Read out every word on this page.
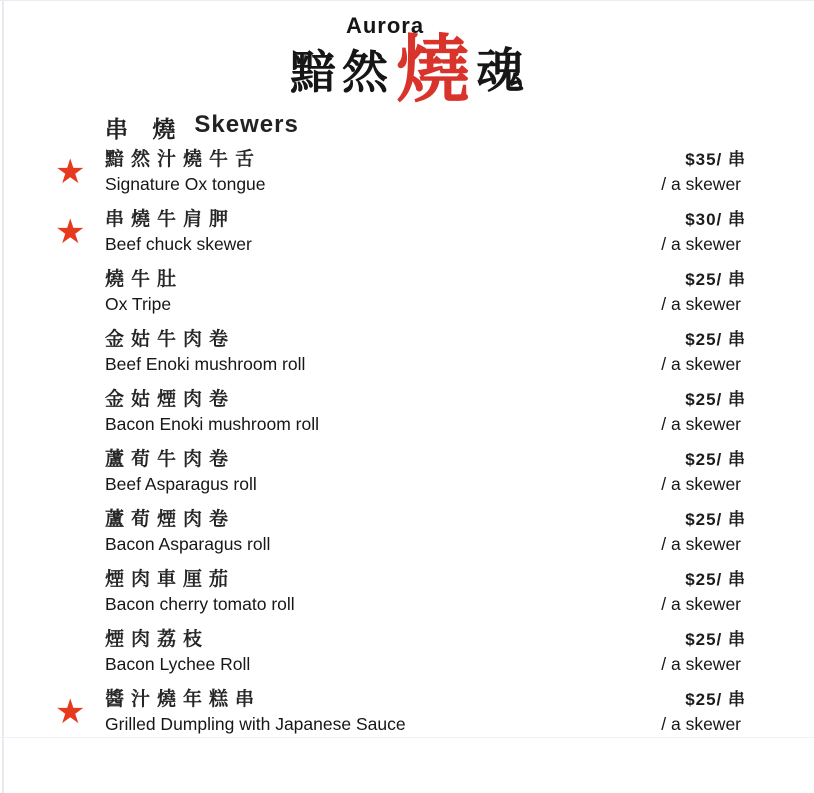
Aurora
黯然 燒 魂
串 燒 Skewers
★ 黯然汁燒牛舌
Signature Ox tongue
$35/ 串
/ a skewer
★ 串燒牛肩胛
Beef chuck skewer
$30/ 串
/ a skewer
燒牛肚
Ox Tripe
$25/ 串
/ a skewer
金姑牛肉卷
Beef Enoki mushroom roll
$25/ 串
/ a skewer
金姑煙肉卷
Bacon Enoki mushroom roll
$25/ 串
/ a skewer
蘆荀牛肉卷
Beef Asparagus roll
$25/ 串
/ a skewer
蘆荀煙肉卷
Bacon Asparagus roll
$25/ 串
/ a skewer
煙肉車厘茄
Bacon cherry tomato roll
$25/ 串
/ a skewer
煙肉荔枝
Bacon Lychee Roll
$25/ 串
/ a skewer
★ 醬汁燒年糕串
Grilled Dumpling with Japanese Sauce
$25/ 串
/ a skewer
